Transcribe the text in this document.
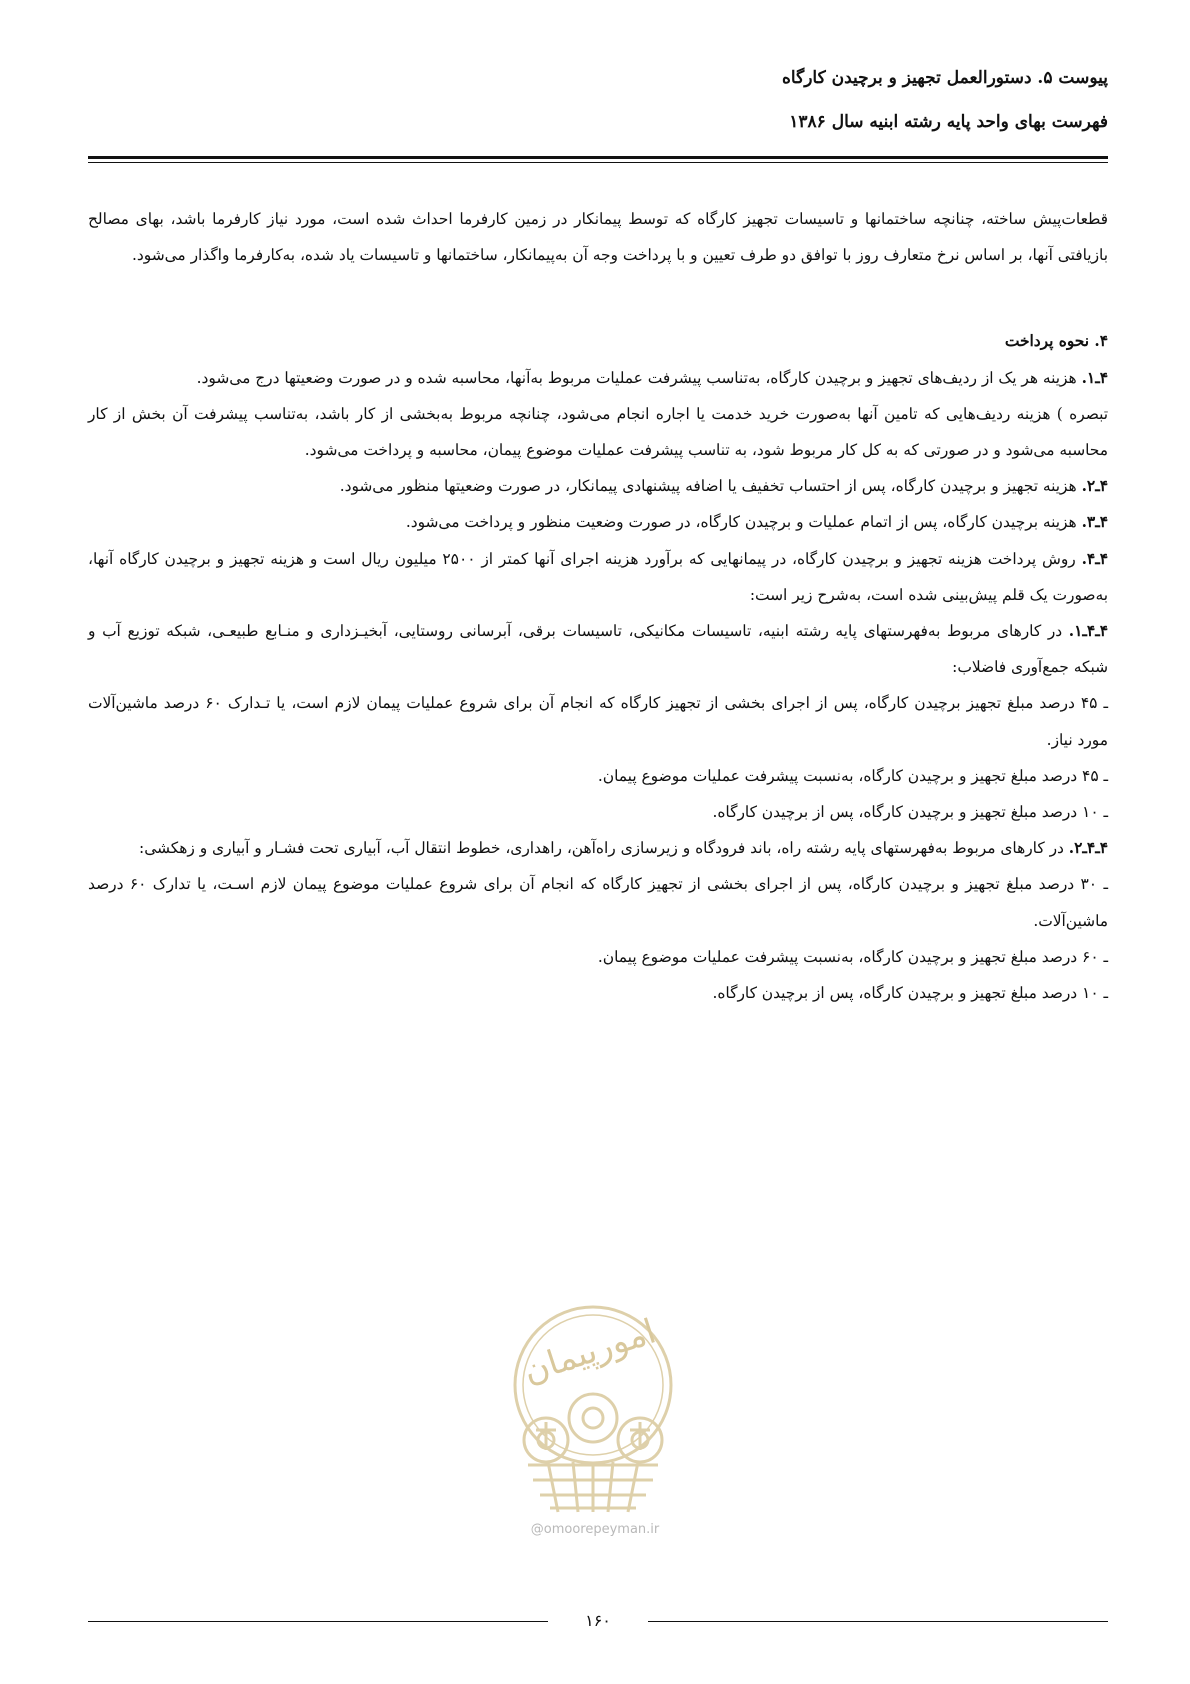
پیوست ۵. دستورالعمل تجهیز و برچیدن کارگاه
فهرست بهای واحد پایه رشته ابنیه سال ۱۳۸۶

قطعات‌پیش ساخته، چنانچه ساختمانها و تاسیسات تجهیز کارگاه که توسط پیمانکار در زمین کارفرما احداث شده است، مورد نیاز کارفرما باشد، بهای مصالح بازیافتی آنها، بر اساس نرخ متعارف روز با توافق دو طرف تعیین و با پرداخت وجه آن به‌پیمانکار، ساختمانها و تاسیسات یاد شده، به‌کارفرما واگذار می‌شود.

۴. نحوه پرداخت

۴ـ۱. هزینه هر یک از ردیف‌های تجهیز و برچیدن کارگاه، به‌تناسب پیشرفت عملیات مربوط به‌آنها، محاسبه شده و در صورت وضعیتها درج می‌شود.

تبصره ) هزینه ردیف‌هایی که تامین آنها به‌صورت خرید خدمت یا اجاره انجام می‌شود، چنانچه مربوط به‌بخشی از کار باشد، به‌تناسب پیشرفت آن بخش از کار محاسبه می‌شود و در صورتی که به کل کار مربوط شود، به تناسب پیشرفت عملیات موضوع پیمان، محاسبه و پرداخت می‌شود.

۴ـ۲. هزینه تجهیز و برچیدن کارگاه، پس از احتساب تخفیف یا اضافه پیشنهادی پیمانکار، در صورت وضعیتها منظور می‌شود.

۴ـ۳. هزینه برچیدن کارگاه، پس از اتمام عملیات و برچیدن کارگاه، در صورت وضعیت منظور و پرداخت می‌شود.

۴ـ۴. روش پرداخت هزینه تجهیز و برچیدن کارگاه، در پیمانهایی که برآورد هزینه اجرای آنها کمتر از ۲۵۰۰ میلیون ریال است و هزینه تجهیز و برچیدن کارگاه آنها، به‌صورت یک قلم پیش‌بینی شده است، به‌شرح زیر است:

۴ـ۴ـ۱. در کارهای مربوط به‌فهرستهای پایه رشته ابنیه، تاسیسات مکانیکی، تاسیسات برقی، آبرسانی روستایی، آبخیـزداری و منـابع طبیعـی، شبکه توزیع آب و شبکه جمع‌آوری فاضلاب:

ـ ۴۵ درصد مبلغ تجهیز برچیدن کارگاه، پس از اجرای بخشی از تجهیز کارگاه که انجام آن برای شروع عملیات پیمان لازم است، یا تـدارک ۶۰ درصد ماشین‌آلات مورد نیاز.

ـ ۴۵ درصد مبلغ تجهیز و برچیدن کارگاه، به‌نسبت پیشرفت عملیات موضوع پیمان.

ـ ۱۰ درصد مبلغ تجهیز و برچیدن کارگاه، پس از برچیدن کارگاه.

۴ـ۴ـ۲. در کارهای مربوط به‌فهرستهای پایه رشته راه، باند فرودگاه و زیرسازی راه‌آهن، راهداری، خطوط انتقال آب، آبیاری تحت فشـار و آبیاری و زهکشی:

ـ ۳۰ درصد مبلغ تجهیز و برچیدن کارگاه، پس از اجرای بخشی از تجهیز کارگاه که انجام آن برای شروع عملیات موضوع پیمان لازم اسـت، یا تدارک ۶۰ درصد ماشین‌آلات.

ـ ۶۰ درصد مبلغ تجهیز و برچیدن کارگاه، به‌نسبت پیشرفت عملیات موضوع پیمان.

ـ ۱۰ درصد مبلغ تجهیز و برچیدن کارگاه، پس از برچیدن کارگاه.

۱۶۰
امورپیمان
@omoorepeyman.ir
